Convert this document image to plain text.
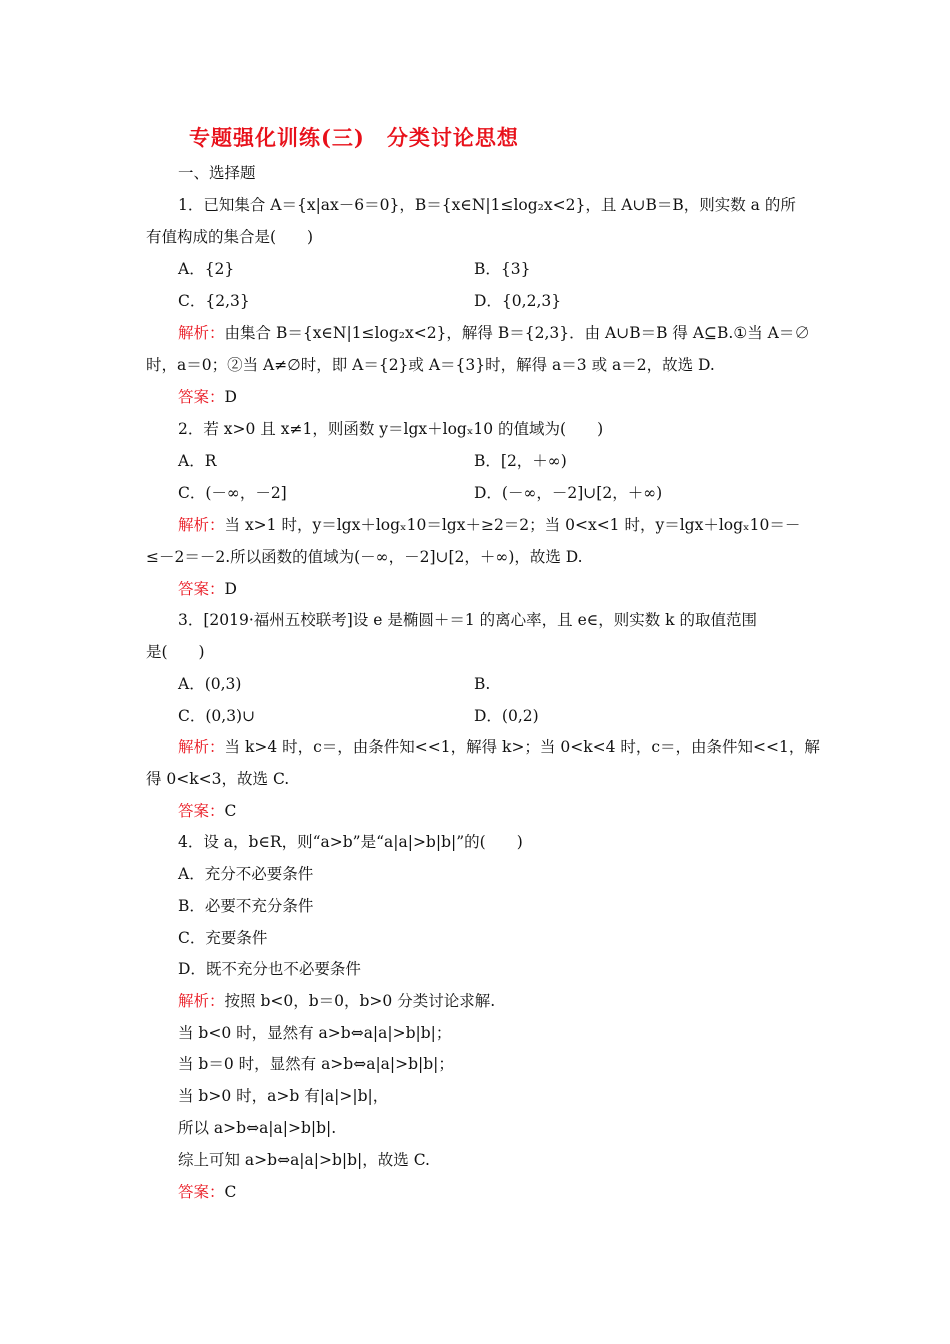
专题强化训练(三)　分类讨论思想
一、选择题
1．已知集合 A＝{x|ax－6＝0}，B＝{x∈N|1≤log₂x<2}，且 A∪B＝B，则实数 a 的所
有值构成的集合是(　　)
A．{2}	B．{3}
C．{2,3}	D．{0,2,3}
解析：由集合 B＝{x∈N|1≤log₂x<2}，解得 B＝{2,3}．由 A∪B＝B 得 A⊆B.①当 A＝∅
时，a＝0；②当 A≠∅时，即 A＝{2}或 A＝{3}时，解得 a＝3 或 a＝2，故选 D.
答案：D
2．若 x>0 且 x≠1，则函数 y＝lgx＋logₓ10 的值域为(　　)
A．R	B．[2，＋∞)
C．(－∞，－2]	D．(－∞，－2]∪[2，＋∞)
解析：当 x>1 时，y＝lgx＋logₓ10＝lgx＋≥2＝2；当 0<x<1 时，y＝lgx＋logₓ10＝－
≤－2＝－2.所以函数的值域为(－∞，－2]∪[2，＋∞)，故选 D.
答案：D
3．[2019·福州五校联考]设 e 是椭圆＋＝1 的离心率，且 e∈，则实数 k 的取值范围
是(　　)
A．(0,3)	B.
C．(0,3)∪	D．(0,2)
解析：当 k>4 时，c＝，由条件知<<1，解得 k>；当 0<k<4 时，c＝，由条件知<<1，解
得 0<k<3，故选 C.
答案：C
4．设 a，b∈R，则“a>b”是“a|a|>b|b|”的(　　)
A．充分不必要条件
B．必要不充分条件
C．充要条件
D．既不充分也不必要条件
解析：按照 b<0，b＝0，b>0 分类讨论求解.
当 b<0 时，显然有 a>b⇔a|a|>b|b|；
当 b＝0 时，显然有 a>b⇔a|a|>b|b|；
当 b>0 时，a>b 有|a|>|b|，
所以 a>b⇔a|a|>b|b|.
综上可知 a>b⇔a|a|>b|b|，故选 C.
答案：C
